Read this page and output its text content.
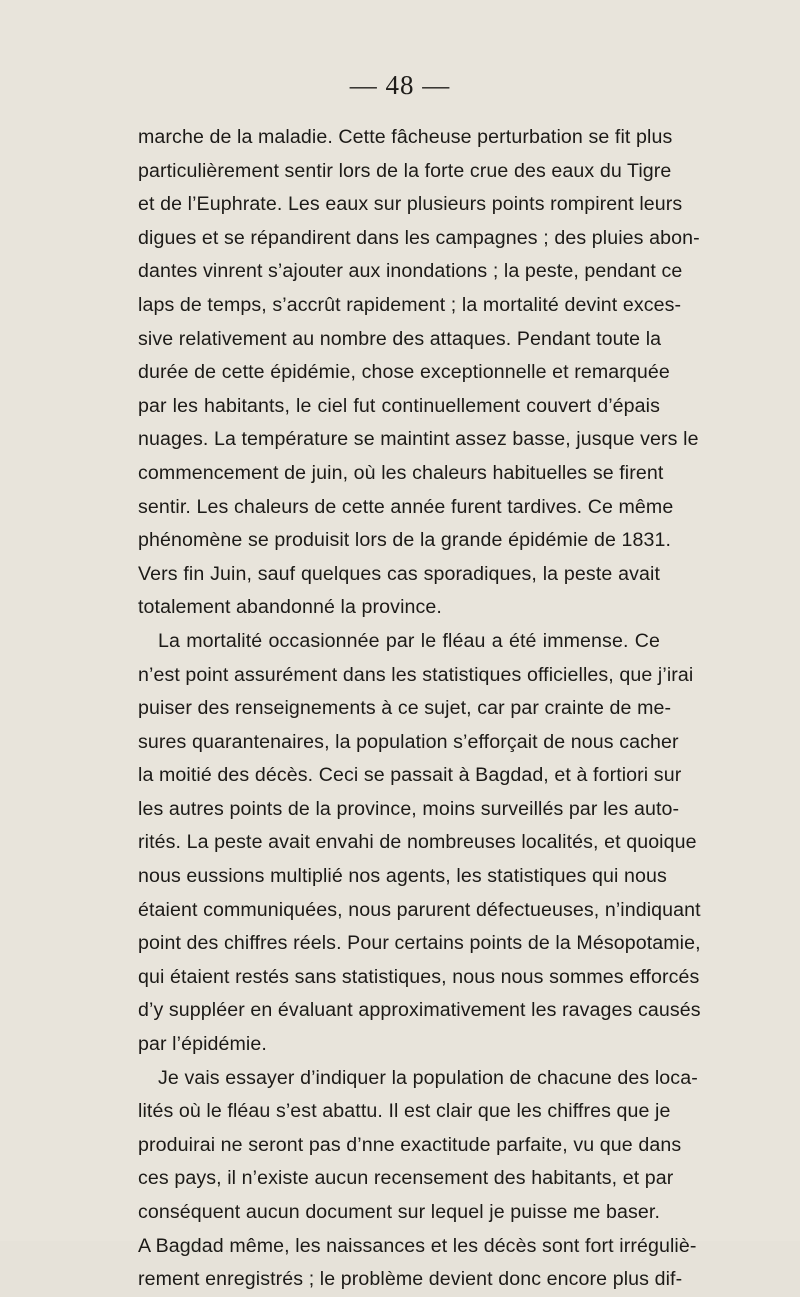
— 48 —
marche de la maladie. Cette fâcheuse perturbation se fit plus
particulièrement sentir lors de la forte crue des eaux du Tigre
et de l’Euphrate. Les eaux sur plusieurs points rompirent leurs
digues et se répandirent dans les campagnes ; des pluies abon-
dantes vinrent s’ajouter aux inondations ; la peste, pendant ce
laps de temps, s’accrût rapidement ; la mortalité devint exces-
sive relativement au nombre des attaques. Pendant toute la
durée de cette épidémie, chose exceptionnelle et remarquée
par les habitants, le ciel fut continuellement couvert d’épais
nuages. La température se maintint assez basse, jusque vers le
commencement de juin, où les chaleurs habituelles se firent
sentir. Les chaleurs de cette année furent tardives. Ce même
phénomène se produisit lors de la grande épidémie de 1831.
Vers fin Juin, sauf quelques cas sporadiques, la peste avait
totalement abandonné la province.
La mortalité occasionnée par le fléau a été immense. Ce
n’est point assurément dans les statistiques officielles, que j’irai
puiser des renseignements à ce sujet, car par crainte de me-
sures quarantenaires, la population s’efforçait de nous cacher
la moitié des décès. Ceci se passait à Bagdad, et à fortiori sur
les autres points de la province, moins surveillés par les auto-
rités. La peste avait envahi de nombreuses localités, et quoique
nous eussions multiplié nos agents, les statistiques qui nous
étaient communiquées, nous parurent défectueuses, n’indiquant
point des chiffres réels. Pour certains points de la Mésopotamie,
qui étaient restés sans statistiques, nous nous sommes efforcés
d’y suppléer en évaluant approximativement les ravages causés
par l’épidémie.
Je vais essayer d’indiquer la population de chacune des loca-
lités où le fléau s’est abattu. Il est clair que les chiffres que je
produirai ne seront pas d’nne exactitude parfaite, vu que dans
ces pays, il n’existe aucun recensement des habitants, et par
conséquent aucun document sur lequel je puisse me baser.
A Bagdad même, les naissances et les décès sont fort irréguliè-
rement enregistrés ; le problème devient donc encore plus dif-
